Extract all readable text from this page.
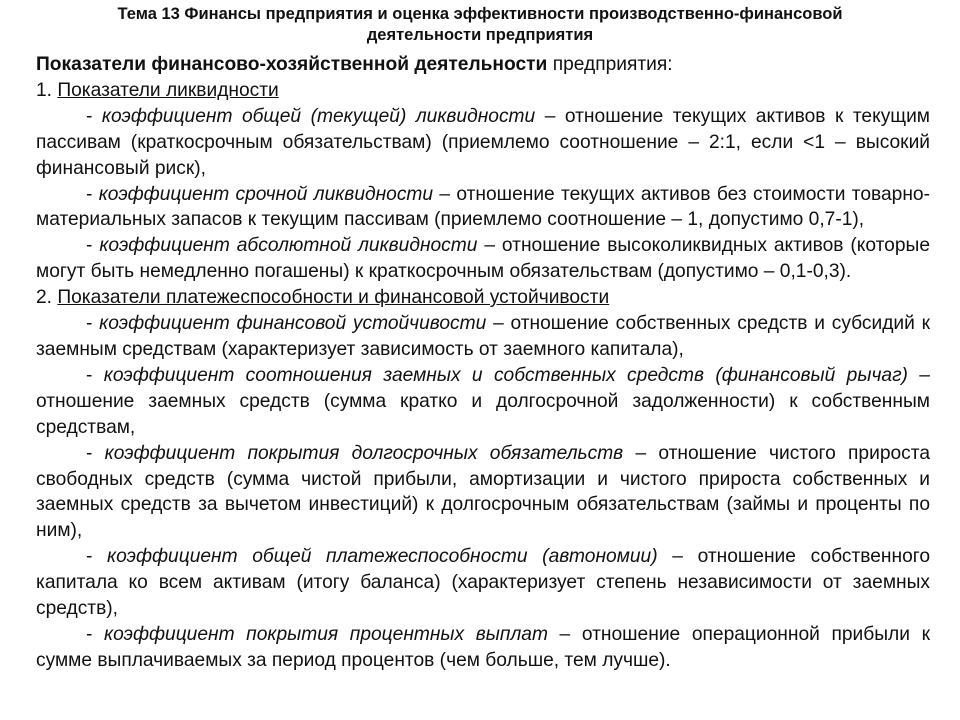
Тема 13 Финансы предприятия и оценка эффективности производственно-финансовой
деятельности предприятия

Показатели финансово-хозяйственной деятельности предприятия:

1. Показатели ликвидности

- коэффициент общей (текущей) ликвидности – отношение текущих активов к текущим пассивам (краткосрочным обязательствам) (приемлемо соотношение – 2:1, если <1 – высокий финансовый риск),

- коэффициент срочной ликвидности – отношение текущих активов без стоимости товарно-материальных запасов к текущим пассивам (приемлемо соотношение – 1, допустимо 0,7-1),

- коэффициент абсолютной ликвидности – отношение высоколиквидных активов (которые могут быть немедленно погашены) к краткосрочным обязательствам (допустимо – 0,1-0,3).

2. Показатели платежеспособности и финансовой устойчивости

- коэффициент финансовой устойчивости – отношение собственных средств и субсидий к заемным средствам (характеризует зависимость от заемного капитала),

- коэффициент соотношения заемных и собственных средств (финансовый рычаг) – отношение заемных средств (сумма кратко и долгосрочной задолженности) к собственным средствам,

- коэффициент покрытия долгосрочных обязательств – отношение чистого прироста свободных средств (сумма чистой прибыли, амортизации и чистого прироста собственных и заемных средств за вычетом инвестиций) к долгосрочным обязательствам (займы и проценты по ним),

- коэффициент общей платежеспособности (автономии) – отношение собственного капитала ко всем активам (итогу баланса) (характеризует степень независимости от заемных средств),

- коэффициент покрытия процентных выплат – отношение операционной прибыли к сумме выплачиваемых за период процентов (чем больше, тем лучше).
